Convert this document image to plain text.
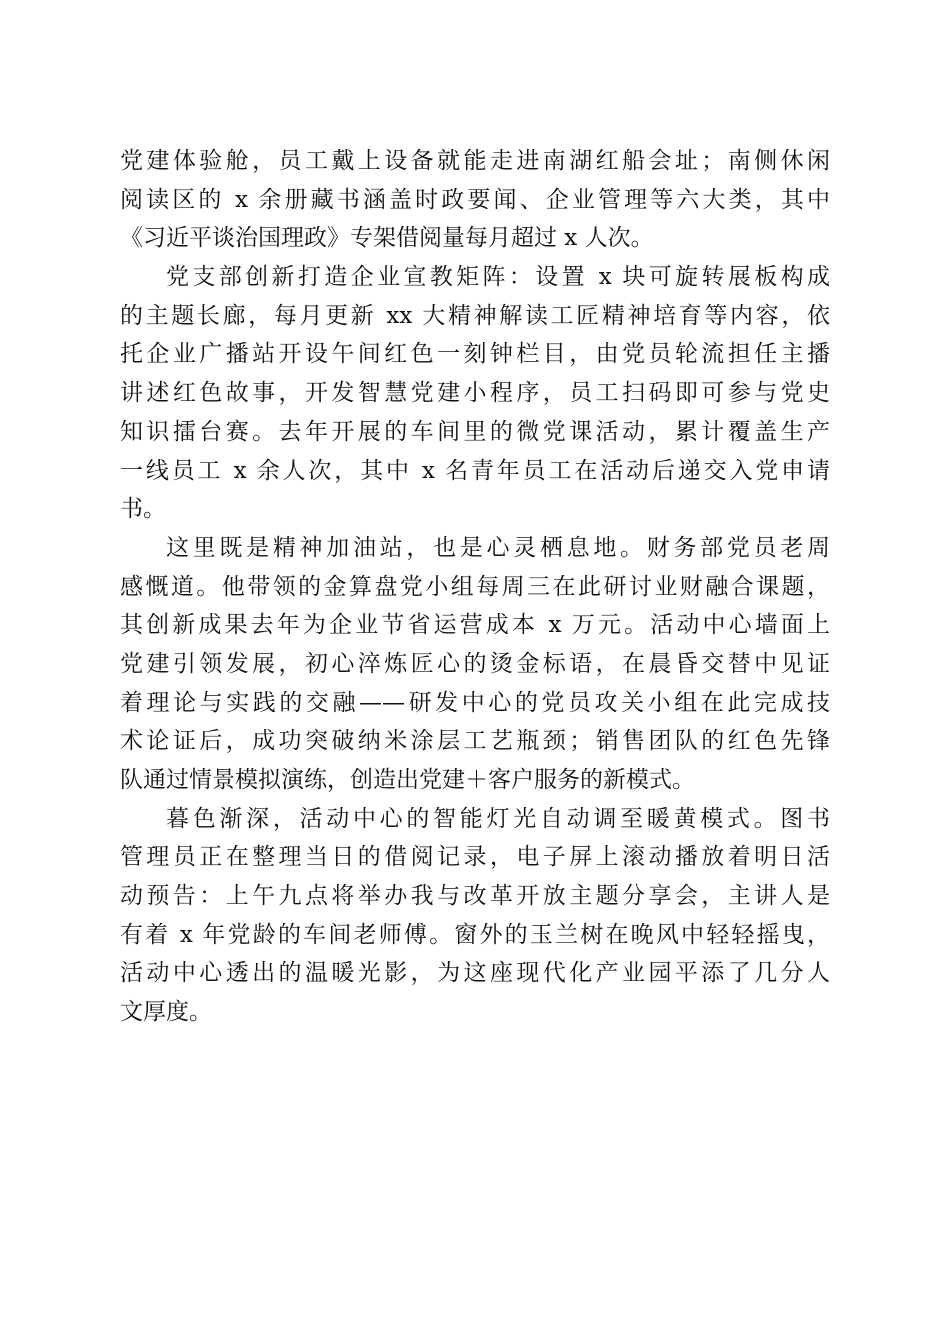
党建体验舱，员工戴上设备就能走进南湖红船会址；南侧休闲
阅读区的 x 余册藏书涵盖时政要闻、企业管理等六大类，其中
《习近平谈治国理政》专架借阅量每月超过 x 人次。
党支部创新打造企业宣教矩阵：设置 x 块可旋转展板构成
的主题长廊，每月更新 xx 大精神解读工匠精神培育等内容，依
托企业广播站开设午间红色一刻钟栏目，由党员轮流担任主播
讲述红色故事，开发智慧党建小程序，员工扫码即可参与党史
知识擂台赛。去年开展的车间里的微党课活动，累计覆盖生产
一线员工 x 余人次，其中 x 名青年员工在活动后递交入党申请
书。
这里既是精神加油站，也是心灵栖息地。财务部党员老周
感慨道。他带领的金算盘党小组每周三在此研讨业财融合课题，
其创新成果去年为企业节省运营成本 x 万元。活动中心墙面上
党建引领发展，初心淬炼匠心的烫金标语，在晨昏交替中见证
着理论与实践的交融——研发中心的党员攻关小组在此完成技
术论证后，成功突破纳米涂层工艺瓶颈；销售团队的红色先锋
队通过情景模拟演练，创造出党建＋客户服务的新模式。
暮色渐深，活动中心的智能灯光自动调至暖黄模式。图书
管理员正在整理当日的借阅记录，电子屏上滚动播放着明日活
动预告：上午九点将举办我与改革开放主题分享会，主讲人是
有着 x 年党龄的车间老师傅。窗外的玉兰树在晚风中轻轻摇曳，
活动中心透出的温暖光影，为这座现代化产业园平添了几分人
文厚度。
